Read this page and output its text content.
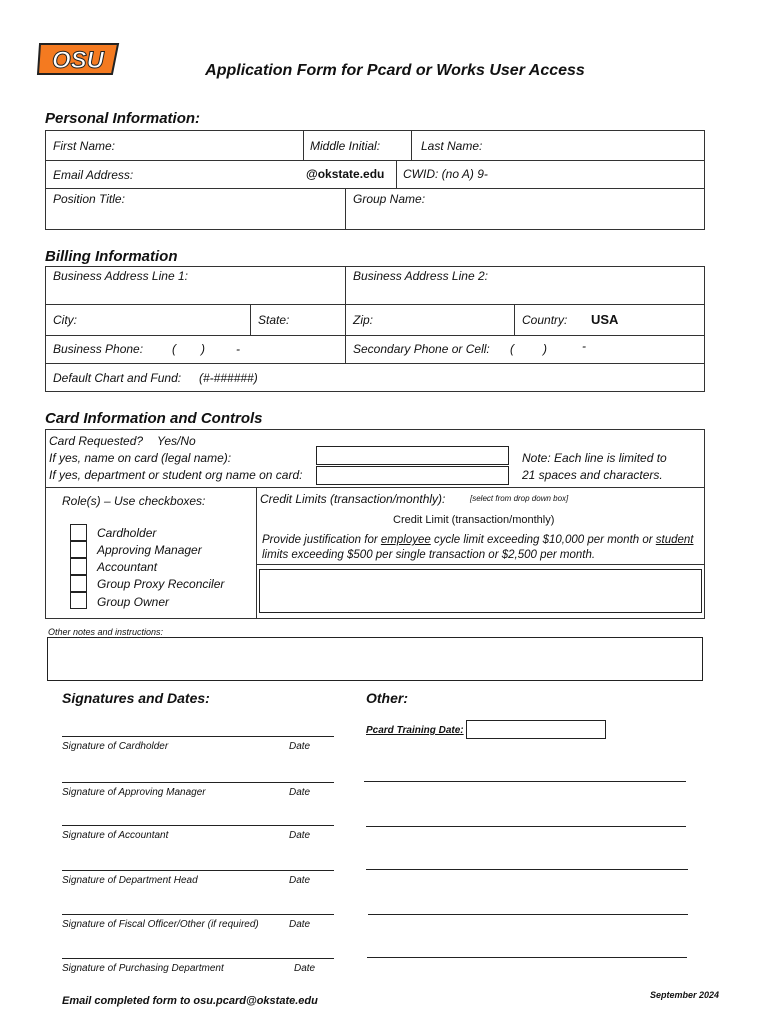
OSU	Application Form for Pcard or Works User Access
Personal Information:
First Name:	Middle Initial:	Last Name:
Email Address:	@okstate.edu CWID: (no A) 9-
Position Title:	Group Name:
Billing Information
Business Address Line 1:	Business Address Line 2:
City:	State:	Zip:	Country: USA
Business Phone: ( )	-	Secondary Phone or Cell: ( )	-
Default Chart and Fund: (#-######)
Card Information and Controls
Card Requested? Yes/No
If yes, name on card (legal name):
If yes, department or student org name on card:
Note: Each line is limited to
21 spaces and characters.
Role(s) – Use checkboxes:
Cardholder
Approving Manager
Accountant
Group Proxy Reconciler
Group Owner
Credit Limits (transaction/monthly):	[select from drop down box]
Credit Limit (transaction/monthly)
Provide justification for employee cycle limit exceeding $10,000 per month or student
limits exceeding $500 per single transaction or $2,500 per month.
Other notes and instructions:
Signatures and Dates:
Signature of Cardholder	Date
Signature of Approving Manager	Date
Signature of Accountant	Date
Signature of Department Head	Date
Signature of Fiscal Officer/Other (if required)	Date
Signature of Purchasing Department	Date
Other:
Pcard Training Date:
Email completed form to osu.pcard@okstate.edu	September 2024
